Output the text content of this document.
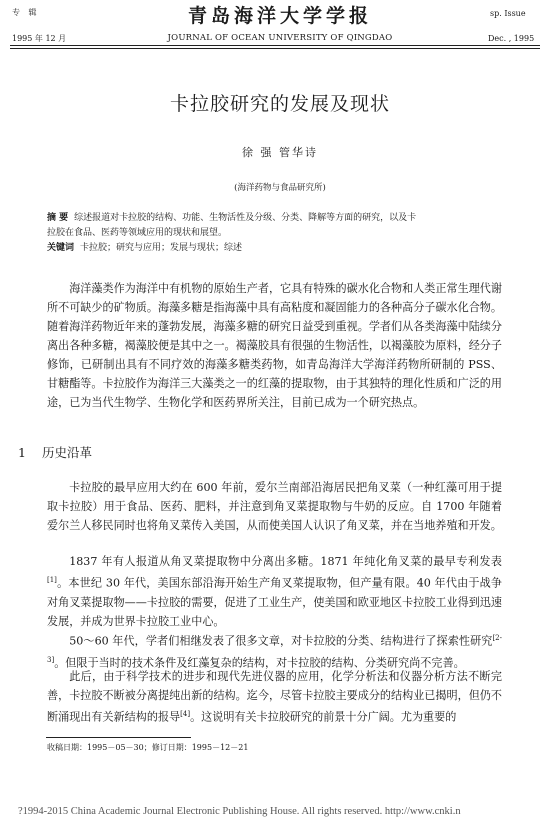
专 辑
1995 年 12 月
青岛海洋大学学报
JOURNAL OF OCEAN UNIVERSITY OF QINGDAO
sp. Issue
Dec. , 1995
卡拉胶研究的发展及现状
徐 强 管华诗
(海洋药物与食品研究所)
摘 要 综述报道对卡拉胶的结构、功能、生物活性及分级、分类、降解等方面的研究，以及卡
拉胶在食品、医药等领域应用的现状和展望。
关键词 卡拉胶；研究与应用；发展与现状；综述
海洋藻类作为海洋中有机物的原始生产者，它具有特殊的碳水化合物和人类正常生理代谢所不可缺少的矿物质。海藻多糖是指海藻中具有高粘度和凝固能力的各种高分子碳水化合物。随着海洋药物近年来的蓬勃发展，海藻多糖的研究日益受到重视。学者们从各类海藻中陆续分离出各种多糖，褐藻胶便是其中之一。褐藻胶具有很强的生物活性，以褐藻胶为原料，经分子修饰，已研制出具有不同疗效的海藻多糖类药物，如青岛海洋大学海洋药物所研制的 PSS、甘糖酯等。卡拉胶作为海洋三大藻类之一的红藻的提取物，由于其独特的理化性质和广泛的用途，已为当代生物学、生物化学和医药界所关注，目前已成为一个研究热点。
1 历史沿革
卡拉胶的最早应用大约在 600 年前，爱尔兰南部沿海居民把角叉菜（一种红藻可用于提取卡拉胶）用于食品、医药、肥料，并注意到角叉菜提取物与牛奶的反应。自 1700 年随着爱尔兰人移民同时也将角叉菜传入美国，从而使美国人认识了角叉菜，并在当地养殖和开发。
1837 年有人报道从角叉菜提取物中分离出多糖。1871 年纯化角叉菜的最早专利发表[1]。本世纪 30 年代，美国东部沿海开始生产角叉菜提取物，但产量有限。40 年代由于战争对角叉菜提取物——卡拉胶的需要，促进了工业生产，使美国和欧亚地区卡拉胶工业得到迅速发展，并成为世界卡拉胶工业中心。
50～60 年代，学者们相继发表了很多文章，对卡拉胶的分类、结构进行了探索性研究[2-3]。但限于当时的技术条件及红藻复杂的结构，对卡拉胶的结构、分类研究尚不完善。
此后，由于科学技术的进步和现代先进仪器的应用，化学分析法和仪器分析方法不断完善，卡拉胶不断被分离提纯出新的结构。迄今，尽管卡拉胶主要成分的结构业已揭明，但仍不断涌现出有关新结构的报导[4]。这说明有关卡拉胶研究的前景十分广阔。尤为重要的
收稿日期：1995－05－30；修订日期：1995－12－21
?1994-2015 China Academic Journal Electronic Publishing House. All rights reserved. http://www.cnki.n
